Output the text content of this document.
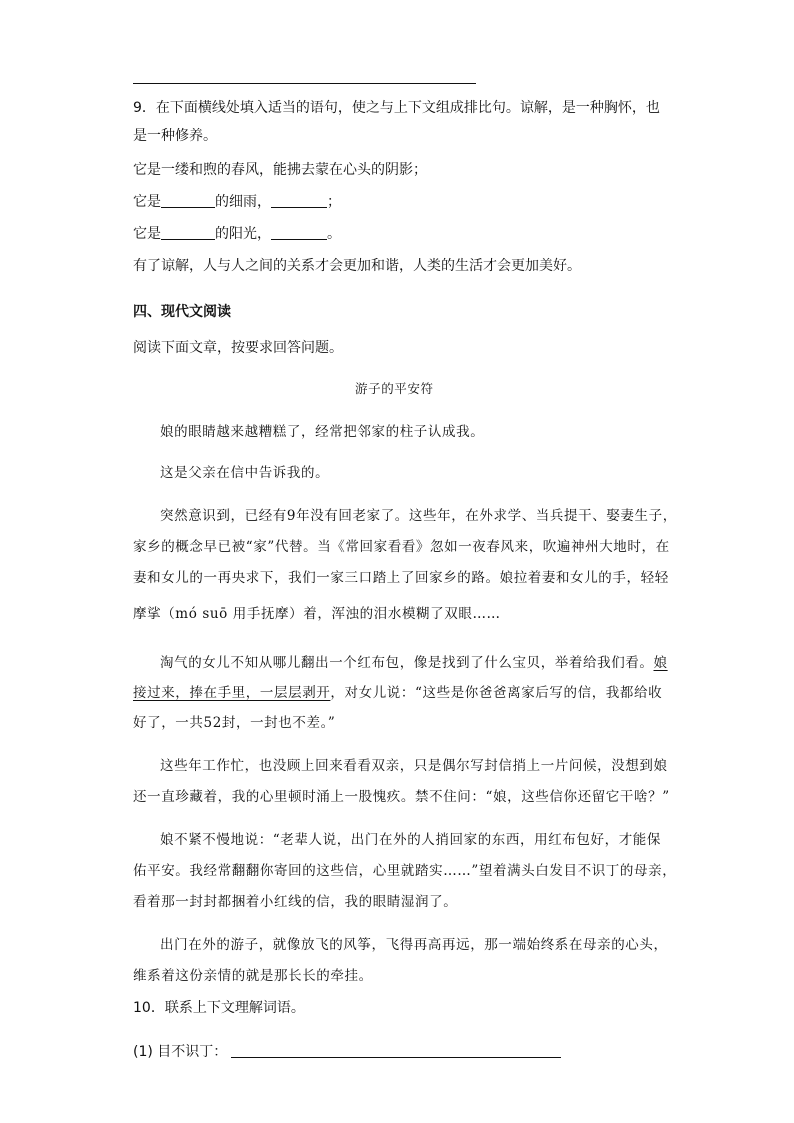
9．在下面横线处填入适当的语句，使之与上下文组成排比句。谅解，是一种胸怀，也
是一种修养。
它是一缕和煦的春风，能拂去蒙在心头的阴影；
它是	的细雨，	；
它是	的阳光，	。
有了谅解，人与人之间的关系才会更加和谐，人类的生活才会更加美好。
四、现代文阅读
阅读下面文章，按要求回答问题。
游子的平安符
娘的眼睛越来越糟糕了，经常把邻家的柱子认成我。
这是父亲在信中告诉我的。
突然意识到，已经有9年没有回老家了。这些年，在外求学、当兵提干、娶妻生子，
家乡的概念早已被“家”代替。当《常回家看看》忽如一夜春风来，吹遍神州大地时，在
妻和女儿的一再央求下，我们一家三口踏上了回家乡的路。娘拉着妻和女儿的手，轻轻
摩挲（mó suō 用手抚摩）着，浑浊的泪水模糊了双眼……
淘气的女儿不知从哪儿翻出一个红布包，像是找到了什么宝贝，举着给我们看。娘
接过来，捧在手里，一层层剥开，对女儿说：“这些是你爸爸离家后写的信，我都给收
好了，一共52封，一封也不差。”
这些年工作忙，也没顾上回来看看双亲，只是偶尔写封信捎上一片问候，没想到娘
还一直珍藏着，我的心里顿时涌上一股愧疚。禁不住问：“娘，这些信你还留它干啥？”
娘不紧不慢地说：“老辈人说，出门在外的人捎回家的东西，用红布包好，才能保
佑平安。我经常翻翻你寄回的这些信，心里就踏实……”望着满头白发目不识丁的母亲，
看着那一封封都捆着小红线的信，我的眼睛湿润了。
出门在外的游子，就像放飞的风筝，飞得再高再远，那一端始终系在母亲的心头，
维系着这份亲情的就是那长长的牵挂。
10．联系上下文理解词语。
(1) 目不识丁：
